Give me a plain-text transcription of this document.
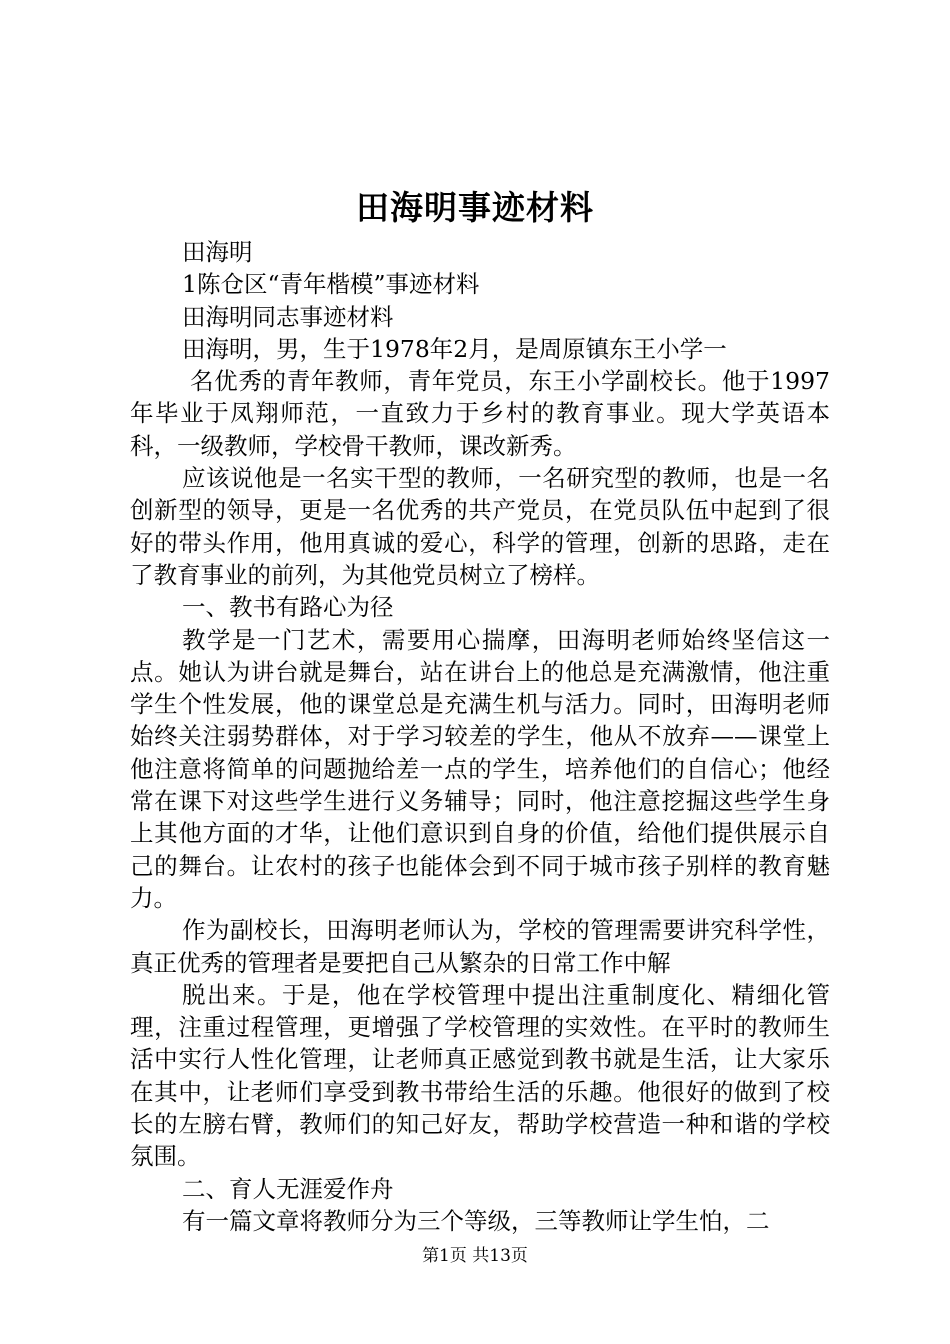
田海明事迹材料

田海明

1陈仓区“青年楷模”事迹材料

田海明同志事迹材料

田海明，男，生于1978年2月，是周原镇东王小学一

名优秀的青年教师，青年党员，东王小学副校长。他于1997年毕业于凤翔师范，一直致力于乡村的教育事业。现大学英语本科，一级教师，学校骨干教师，课改新秀。

应该说他是一名实干型的教师，一名研究型的教师，也是一名创新型的领导，更是一名优秀的共产党员，在党员队伍中起到了很好的带头作用，他用真诚的爱心，科学的管理，创新的思路，走在了教育事业的前列，为其他党员树立了榜样。

一、教书有路心为径

教学是一门艺术，需要用心揣摩，田海明老师始终坚信这一点。她认为讲台就是舞台，站在讲台上的他总是充满激情，他注重学生个性发展，他的课堂总是充满生机与活力。同时，田海明老师始终关注弱势群体，对于学习较差的学生，他从不放弃——课堂上他注意将简单的问题抛给差一点的学生，培养他们的自信心；他经常在课下对这些学生进行义务辅导；同时，他注意挖掘这些学生身上其他方面的才华，让他们意识到自身的价值，给他们提供展示自己的舞台。让农村的孩子也能体会到不同于城市孩子别样的教育魅力。

作为副校长，田海明老师认为，学校的管理需要讲究科学性，真正优秀的管理者是要把自己从繁杂的日常工作中解

脱出来。于是，他在学校管理中提出注重制度化、精细化管理，注重过程管理，更增强了学校管理的实效性。在平时的教师生活中实行人性化管理，让老师真正感觉到教书就是生活，让大家乐在其中，让老师们享受到教书带给生活的乐趣。他很好的做到了校长的左膀右臂，教师们的知己好友，帮助学校营造一种和谐的学校氛围。

二、育人无涯爱作舟

有一篇文章将教师分为三个等级，三等教师让学生怕，二

第1页 共13页
